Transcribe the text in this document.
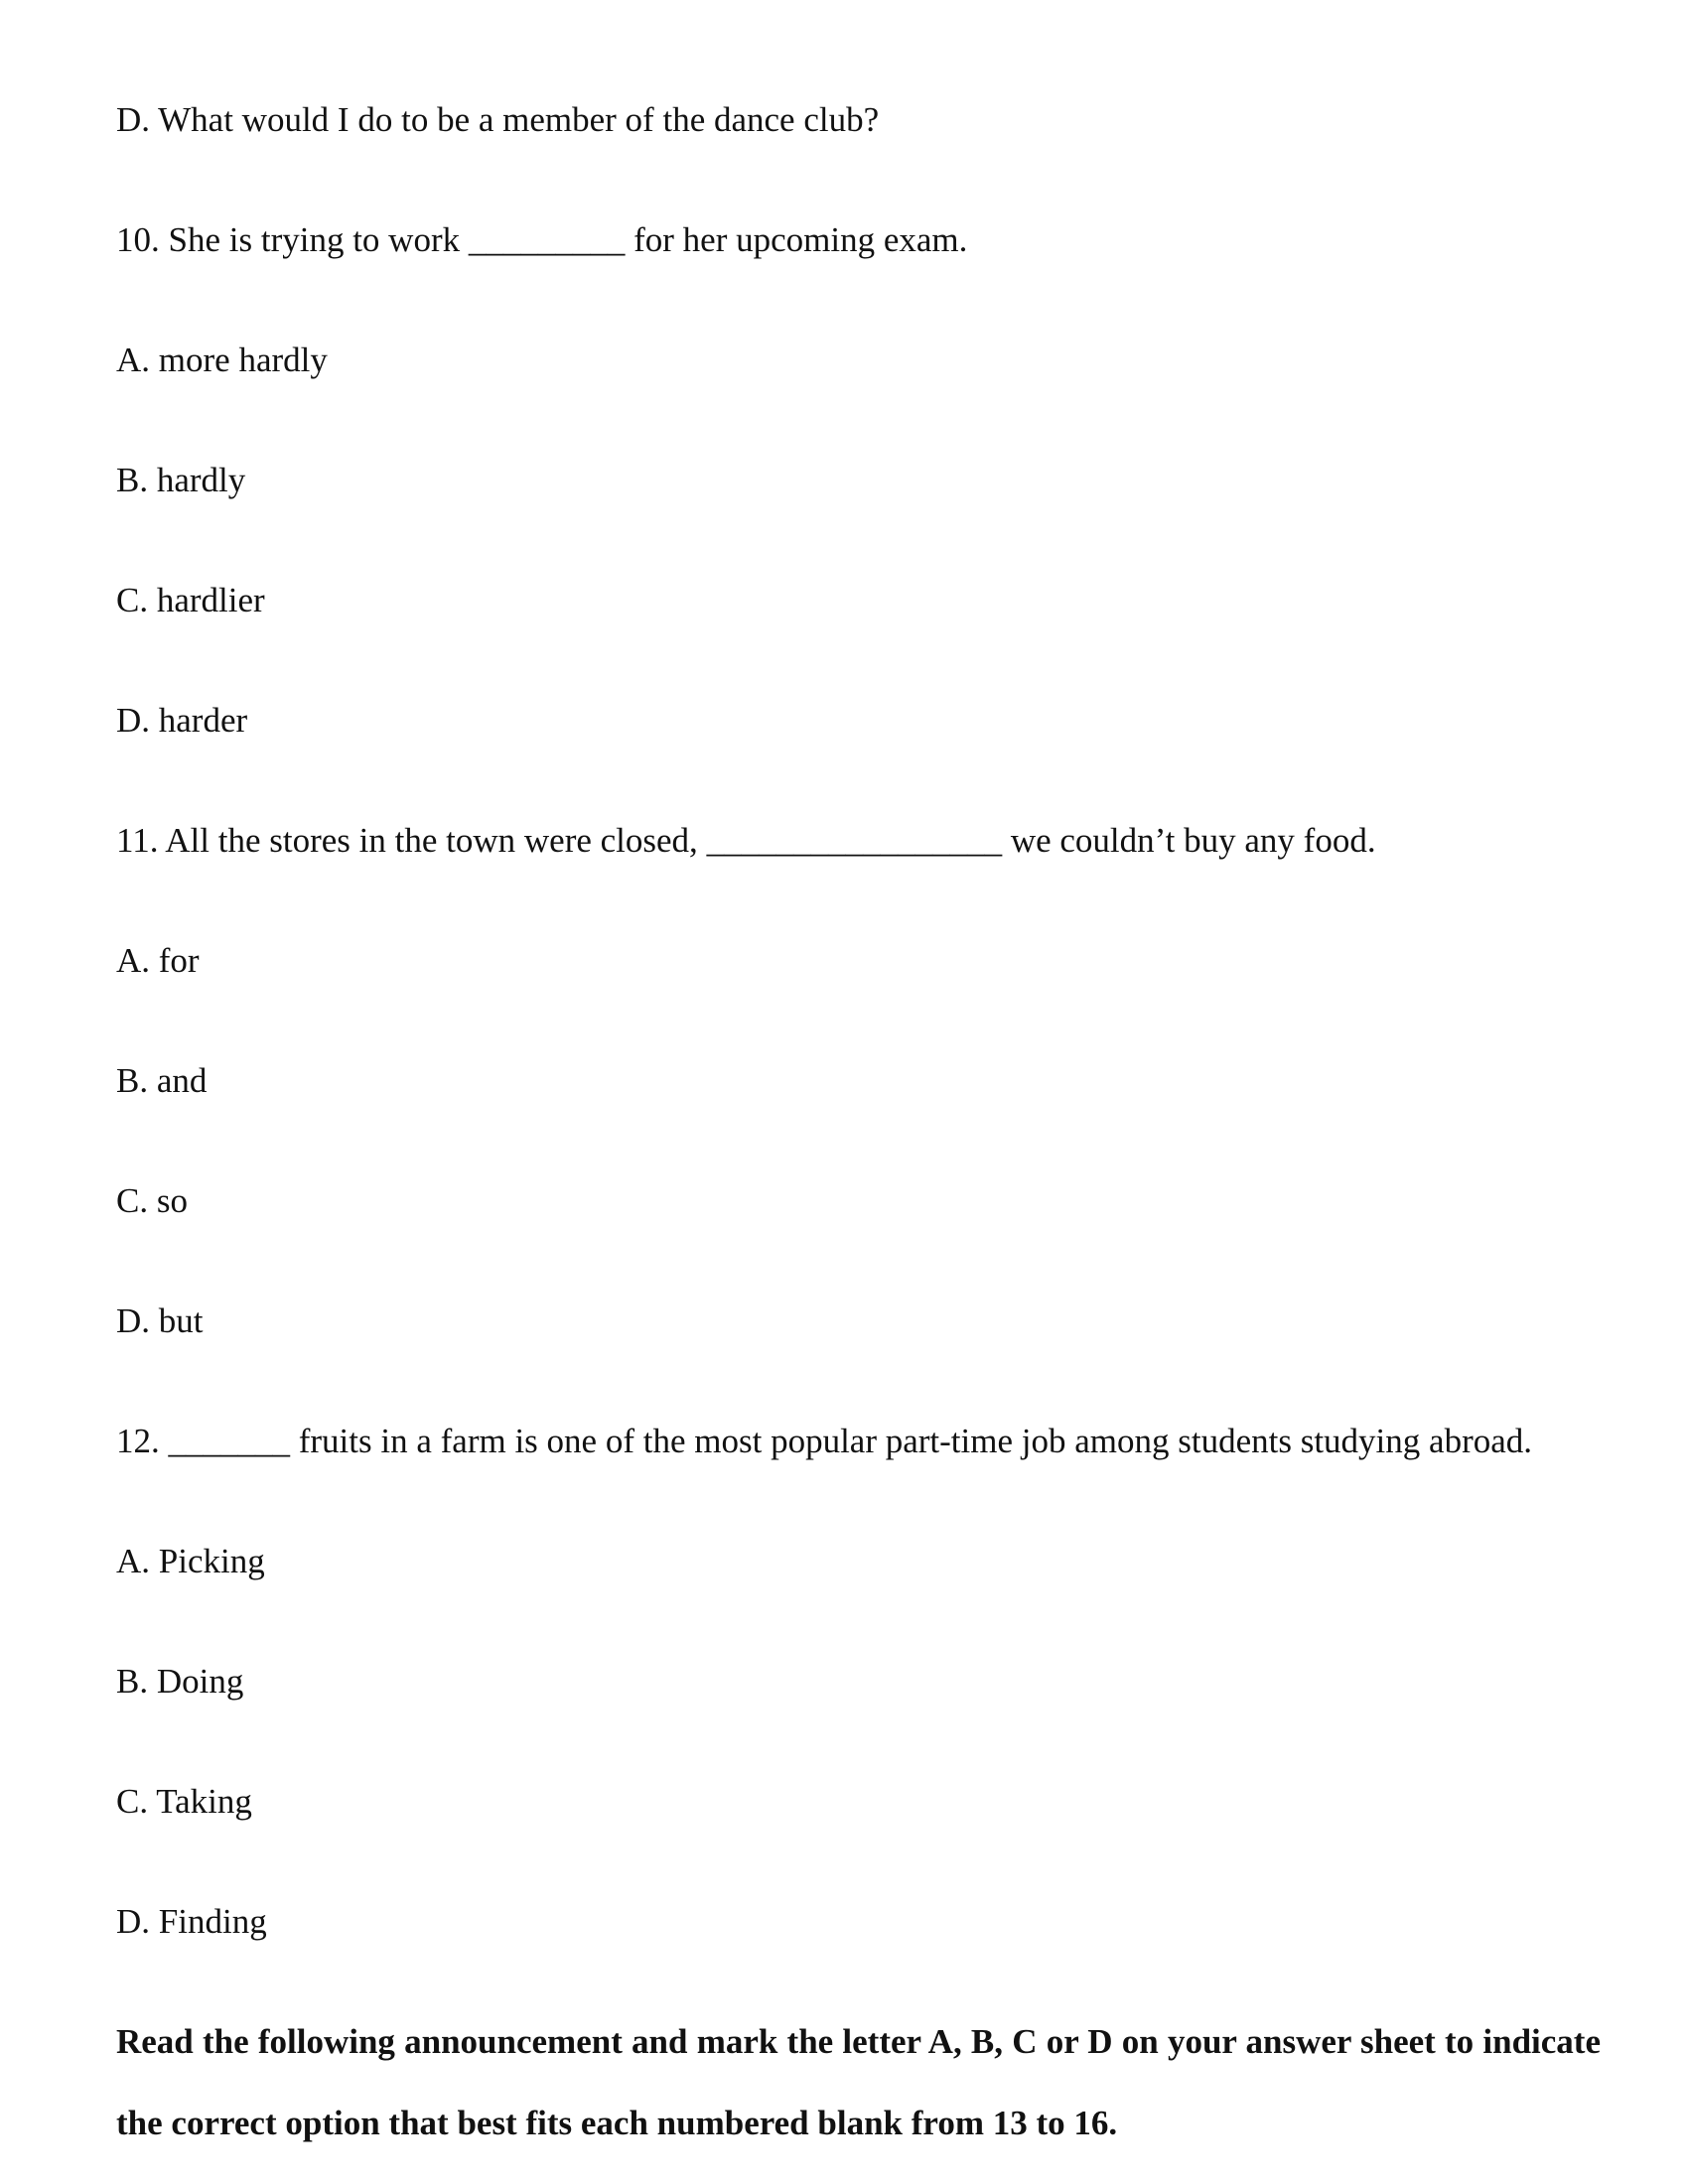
D. What would I do to be a member of the dance club?
10. She is trying to work _________ for her upcoming exam.
A. more hardly
B. hardly
C. hardlier
D. harder
11. All the stores in the town were closed, _________________ we couldn’t buy any food.
A. for
B. and
C. so
D. but
12. _______ fruits in a farm is one of the most popular part-time job among students studying abroad.
A. Picking
B. Doing
C. Taking
D. Finding
Read the following announcement and mark the letter A, B, C or D on your answer sheet to indicate the correct option that best fits each numbered blank from 13 to 16.
